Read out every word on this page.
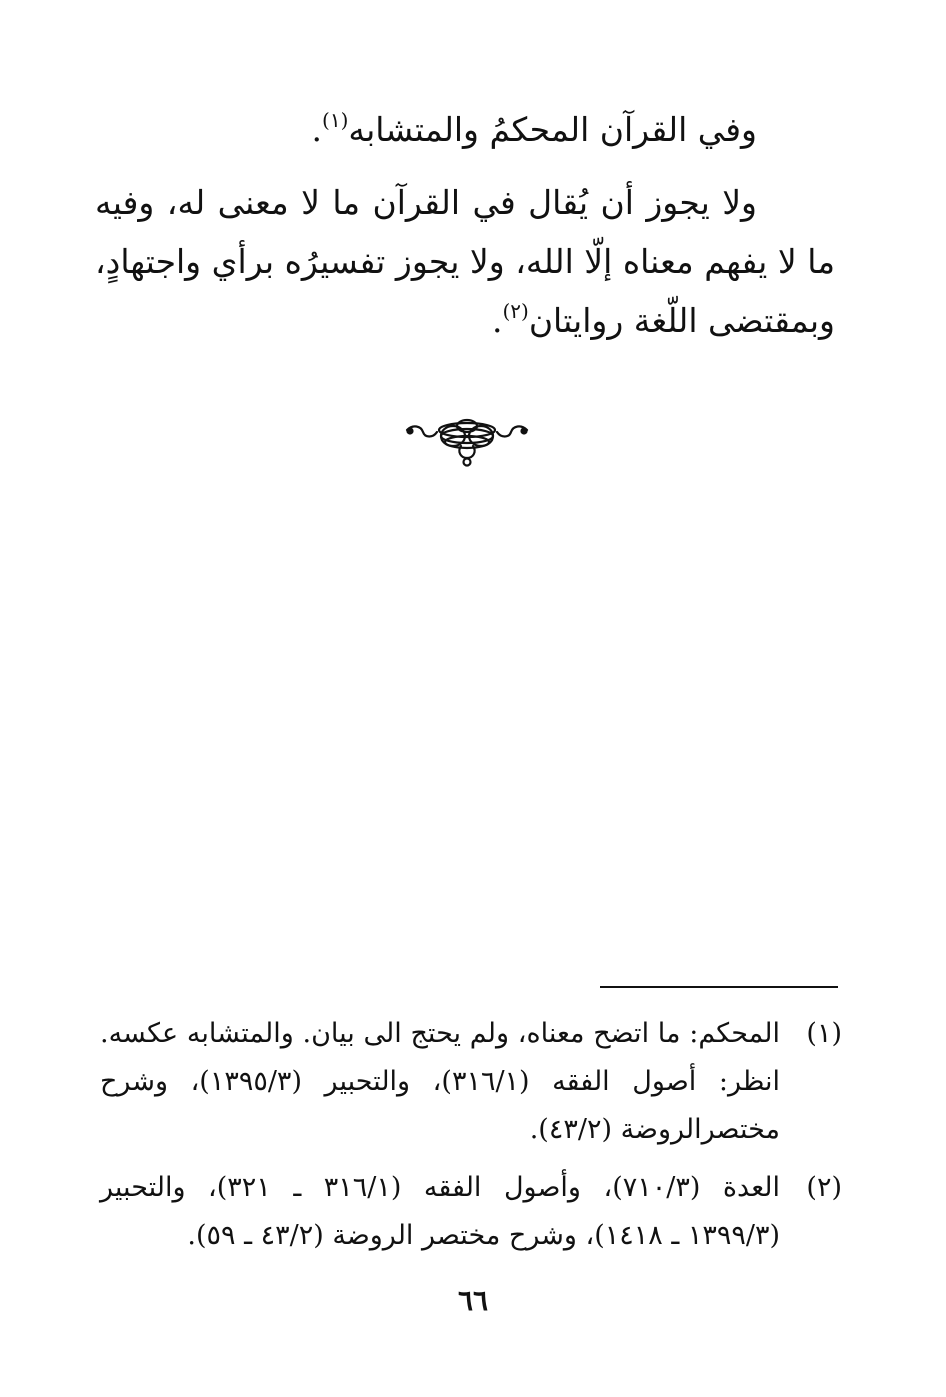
وفي القرآن المحكمُ والمتشابه$^{(١)}$.

ولا يجوز أن يُقال في القرآن ما لا معنى له، وفيه ما لا يفهم معناه إلّا الله، ولا يجوز تفسيرُه برأي واجتهادٍ، وبمقتضى اللّغة روايتان$^{(٢)}$.

(١)
المحكم: ما اتضح معناه، ولم يحتج الى بيان. والمتشابه عكسه. انظر: أصول الفقه (٣١٦/١)، والتحبير (١٣٩٥/٣)، وشرح مختصرالروضة (٤٣/٢).
(٢)
العدة (٧١٠/٣)، وأصول الفقه (٣١٦/١ ـ ٣٢١)، والتحبير (١٣٩٩/٣ ـ ١٤١٨)، وشرح مختصر الروضة (٤٣/٢ ـ ٥٩).
٦٦
